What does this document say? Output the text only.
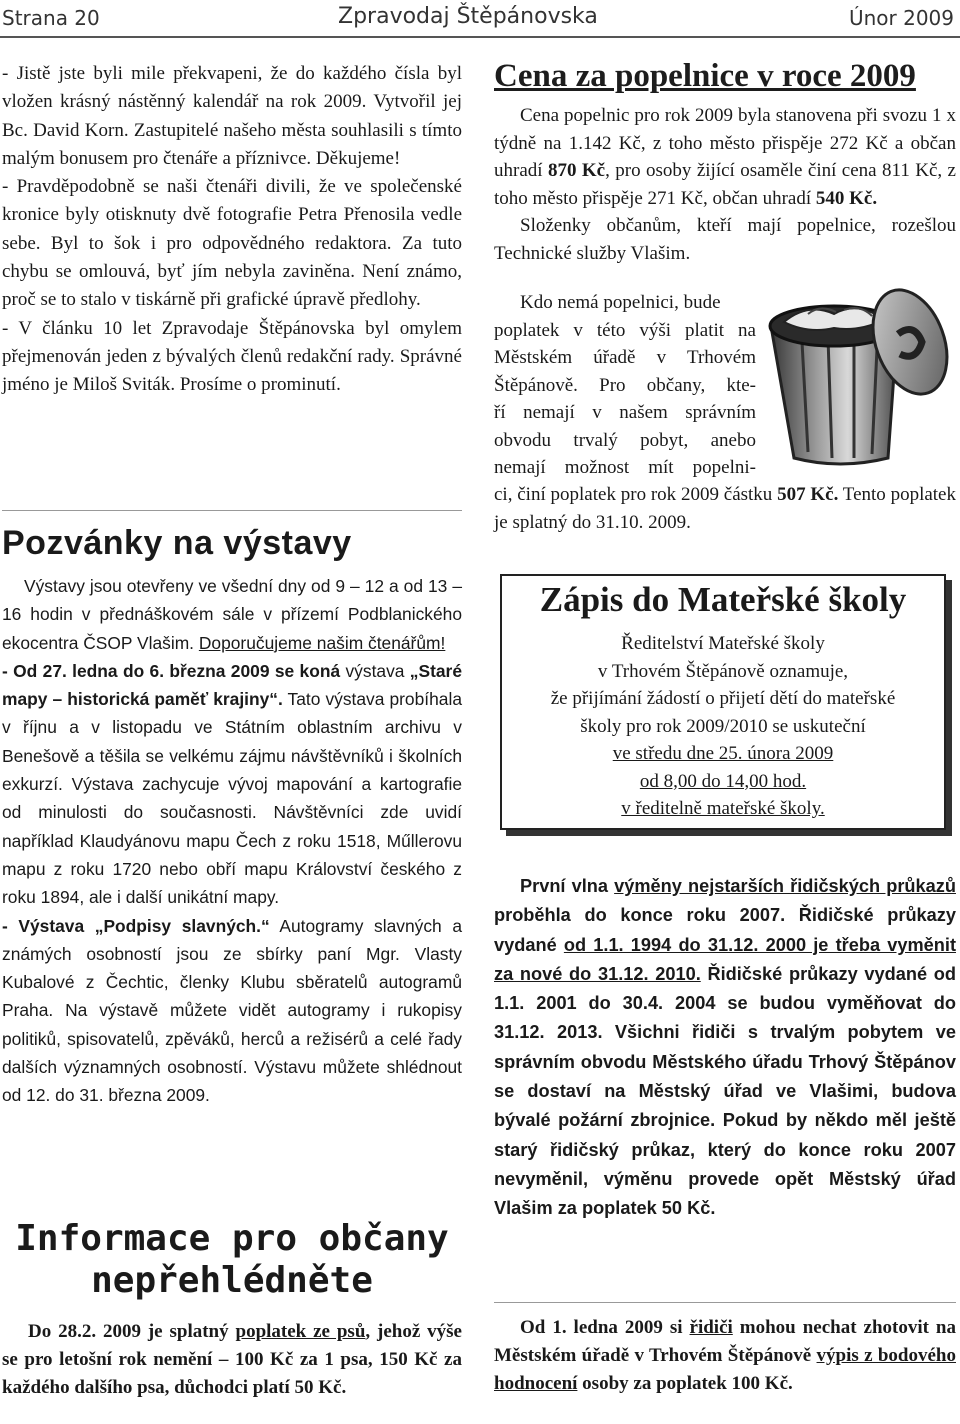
Strana 20	Zpravodaj Štěpánovska	Únor 2009

- Jistě jste byli mile překvapeni, že do každého čísla byl vložen krásný nástěnný kalendář na rok 2009. Vytvořil jej Bc. David Korn. Zastupitelé našeho města souhlasili s tímto malým bonusem pro čtenáře a příznivce. Děkujeme!

- Pravděpodobně se naši čtenáři divili, že ve společenské kronice byly otisknuty dvě fotografie Petra Přenosila vedle sebe. Byl to šok i pro odpovědného redaktora. Za tuto chybu se omlouvá, byť jím nebyla zaviněna. Není známo, proč se to stalo v tiskárně při grafické úpravě předlohy.

- V článku 10 let Zpravodaje Štěpánovska byl omylem přejmenován jeden z bývalých členů redakční rady. Správné jméno je Miloš Sviták. Prosíme o prominutí.

Pozvánky na výstavy

Výstavy jsou otevřeny ve všední dny od 9 – 12 a od 13 – 16 hodin v přednáškovém sále v přízemí Podblanického ekocentra ČSOP Vlašim. Doporučujeme našim čtenářům!

- Od 27. ledna do 6. března 2009 se koná výstava „Staré mapy – historická paměť krajiny“. Tato výstava probíhala v říjnu a v listopadu ve Státním oblastním archivu v Benešově a těšila se velkému zájmu návštěvníků i školních exkurzí. Výstava zachycuje vývoj mapování a kartografie od minulosti do současnosti. Návštěvníci zde uvidí například Klaudyánovu mapu Čech z roku 1518, Műllerovu mapu z roku 1720 nebo obří mapu Království českého z roku 1894, ale i další unikátní mapy.

- Výstava „Podpisy slavných.“ Autogramy slavných a známých osobností jsou ze sbírky paní Mgr. Vlasty Kubalové z Čechtic, členky Klubu sběratelů autogramů Praha. Na výstavě můžete vidět autogramy i rukopisy politiků, spisovatelů, zpěváků, herců a režisérů a celé řady dalších významných osobností. Výstavu můžete shlédnout od 12. do 31. března 2009.

Informace pro občany
nepřehlédněte

Do 28.2. 2009 je splatný poplatek ze psů, jehož výše se pro letošní rok nemění – 100 Kč za 1 psa, 150 Kč za každého dalšího psa, důchodci platí 50 Kč.

Cena za popelnice v roce 2009

Cena popelnic pro rok 2009 byla stanovena při svozu 1 x týdně na 1.142 Kč, z toho město přispěje 272 Kč a občan uhradí 870 Kč, pro osoby žijící osaměle činí cena 811 Kč, z toho město přispěje 271 Kč, občan uhradí 540 Kč.

Složenky občanům, kteří mají popelnice, rozešlou Technické služby Vlašim.

Kdo nemá popelnici, bude
poplatek v této výši platit na
Městském úřadě v Trhovém
Štěpánově. Pro občany, kte-
ří nemají v našem správním
obvodu trvalý pobyt, anebo
nemají možnost mít popelni-

ci, činí poplatek pro rok 2009 částku 507 Kč. Tento poplatek je splatný do 31.10. 2009.

Zápis do Mateřské školy
Ředitelství Mateřské školy
v Trhovém Štěpánově oznamuje,
že přijímání žádostí o přijetí dětí do mateřské
školy pro rok 2009/2010 se uskuteční
ve středu dne 25. února 2009
od 8,00 do 14,00 hod.
v ředitelně mateřské školy.

První vlna výměny nejstarších řidičských průkazů proběhla do konce roku 2007. Řidičské průkazy vydané od 1.1. 1994 do 31.12. 2000 je třeba vyměnit za nové do 31.12. 2010. Řidičské průkazy vydané od 1.1. 2001 do 30.4. 2004 se budou vyměňovat do 31.12. 2013. Všichni řidiči s trvalým pobytem ve správním obvodu Městského úřadu Trhový Štěpánov se dostaví na Městský úřad ve Vlašimi, budova bývalé požární zbrojnice. Pokud by někdo měl ještě starý řidičský průkaz, který do konce roku 2007 nevyměnil, výměnu provede opět Městský úřad Vlašim za poplatek 50 Kč.

Od 1. ledna 2009 si řidiči mohou nechat zhotovit na Městském úřadě v Trhovém Štěpánově výpis z bodového hodnocení osoby za poplatek 100 Kč.
